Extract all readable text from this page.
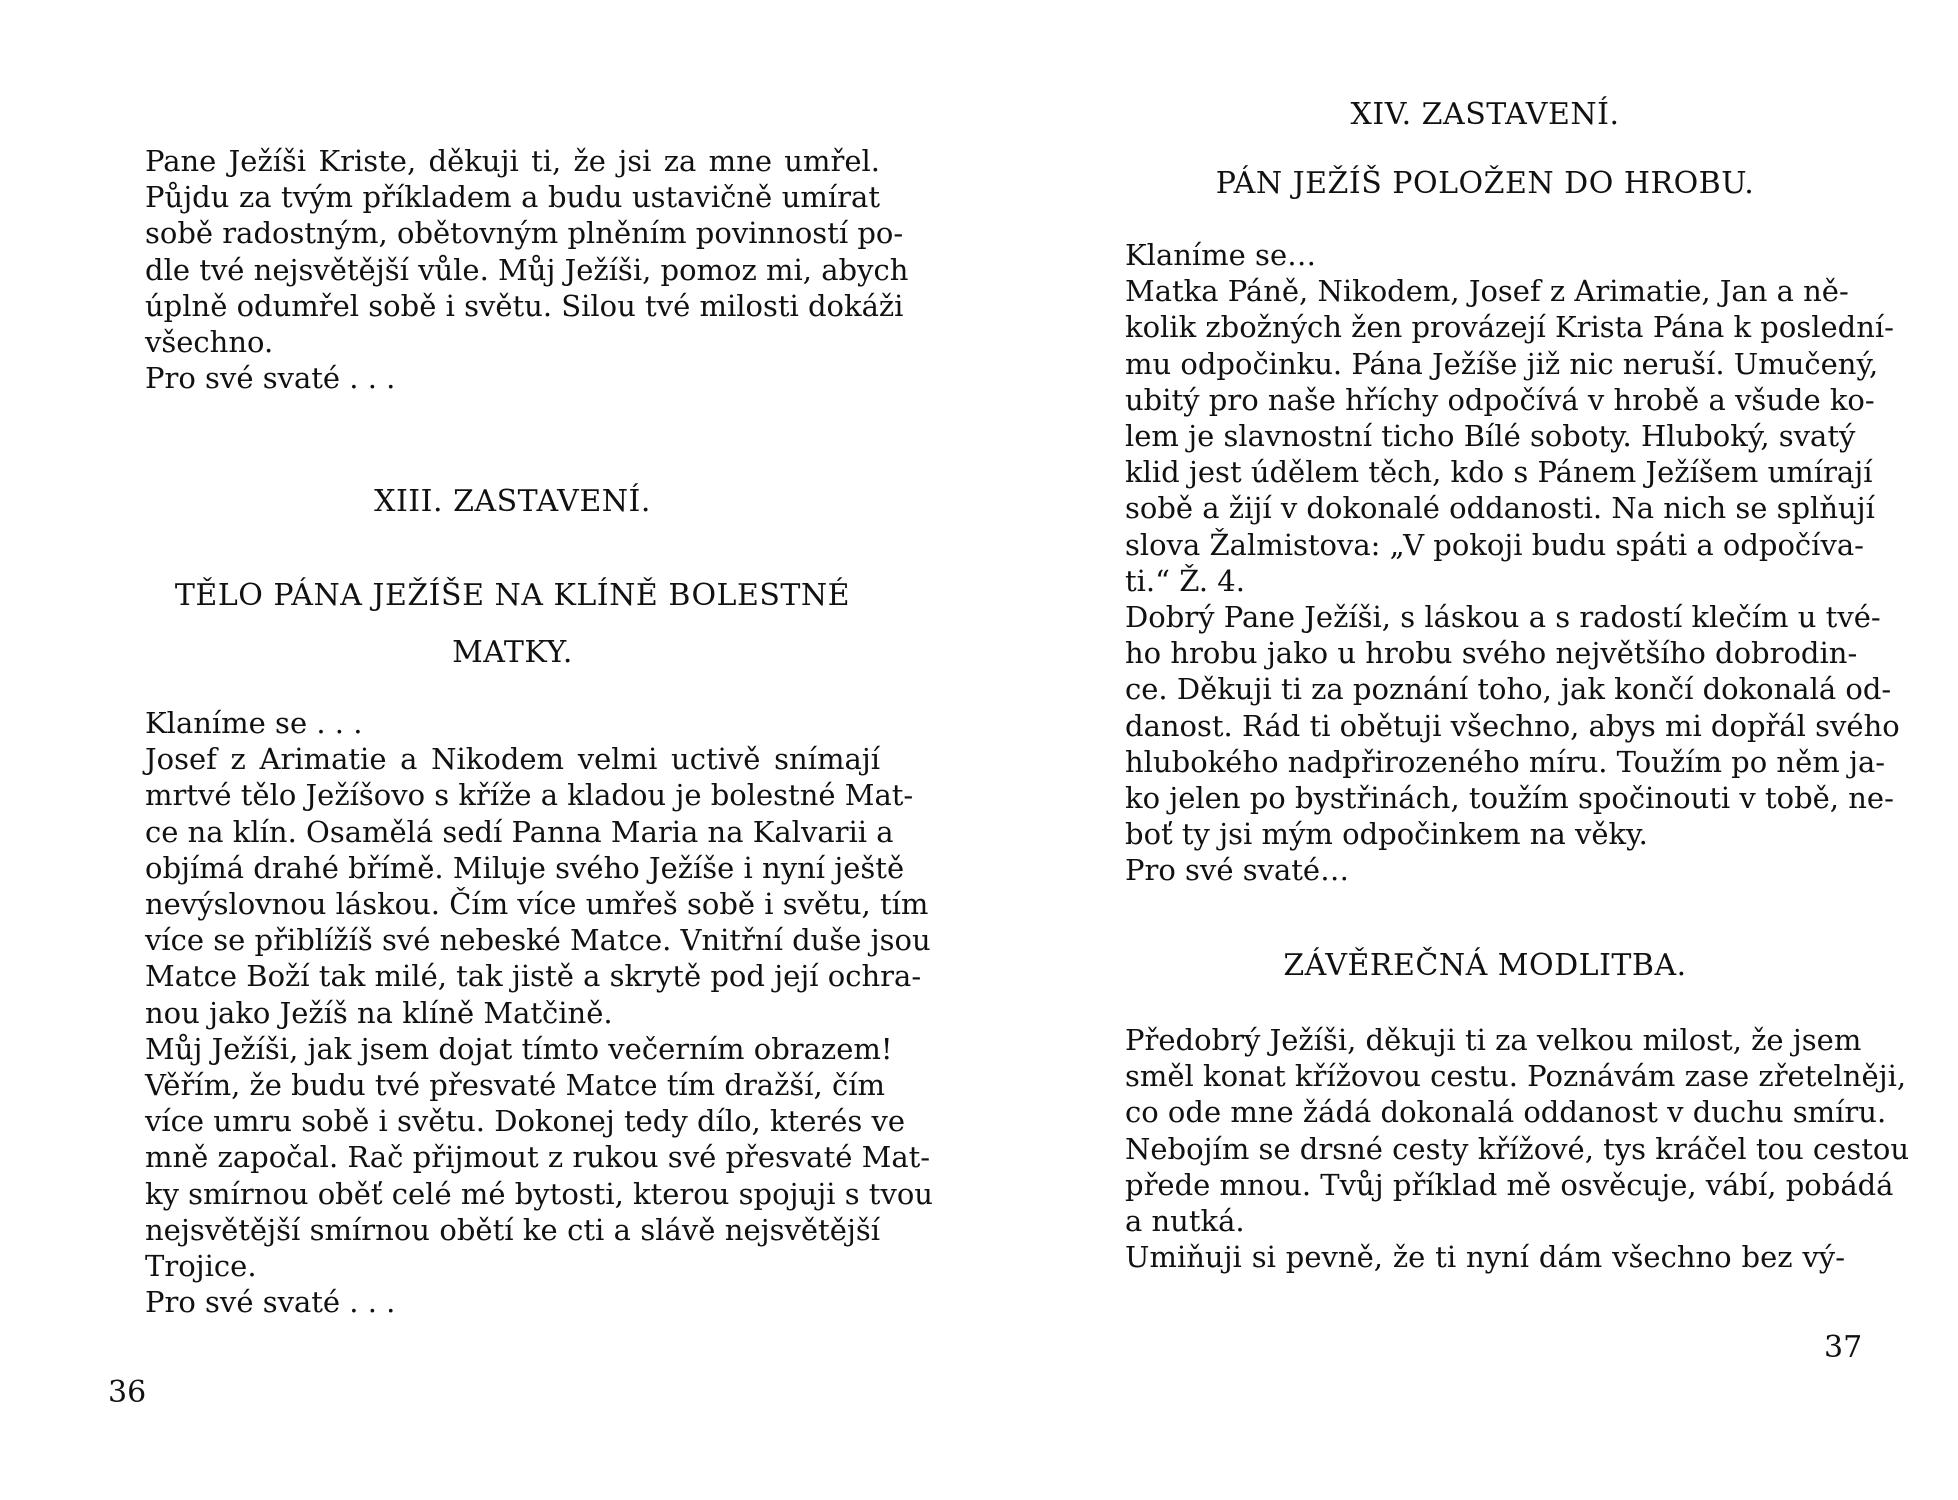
Pane Ježíši Kriste, děkuji ti, že jsi za mne umřel.
Půjdu za tvým příkladem a budu ustavičně umírat
sobě radostným, obětovným plněním povinností po-
dle tvé nejsvětější vůle. Můj Ježíši, pomoz mi, abych
úplně odumřel sobě i světu. Silou tvé milosti dokáži
všechno.
Pro své svaté . . .
XIII. ZASTAVENÍ.
TĚLO PÁNA JEŽÍŠE NA KLÍNĚ BOLESTNÉ
MATKY.
Klaníme se . . .
Josef z Arimatie a Nikodem velmi uctivě snímají
mrtvé tělo Ježíšovo s kříže a kladou je bolestné Mat-
ce na klín. Osamělá sedí Panna Maria na Kalvarii a
objímá drahé břímě. Miluje svého Ježíše i nyní ještě
nevýslovnou láskou. Čím více umřeš sobě i světu, tím
více se přiblížíš své nebeské Matce. Vnitřní duše jsou
Matce Boží tak milé, tak jistě a skrytě pod její ochra-
nou jako Ježíš na klíně Matčině.
Můj Ježíši, jak jsem dojat tímto večerním obrazem!
Věřím, že budu tvé přesvaté Matce tím dražší, čím
více umru sobě i světu. Dokonej tedy dílo, kterés ve
mně započal. Rač přijmout z rukou své přesvaté Mat-
ky smírnou oběť celé mé bytosti, kterou spojuji s tvou
nejsvětější smírnou obětí ke cti a slávě nejsvětější
Trojice.
Pro své svaté . . .
36
XIV. ZASTAVENÍ.
PÁN JEŽÍŠ POLOŽEN DO HROBU.
Klaníme se…
Matka Páně, Nikodem, Josef z Arimatie, Jan a ně-
kolik zbožných žen provázejí Krista Pána k poslední-
mu odpočinku. Pána Ježíše již nic neruší. Umučený,
ubitý pro naše hříchy odpočívá v hrobě a všude ko-
lem je slavnostní ticho Bílé soboty. Hluboký, svatý
klid jest údělem těch, kdo s Pánem Ježíšem umírají
sobě a žijí v dokonalé oddanosti. Na nich se splňují
slova Žalmistova: „V pokoji budu spáti a odpočíva-
ti.“ Ž. 4.
Dobrý Pane Ježíši, s láskou a s radostí klečím u tvé-
ho hrobu jako u hrobu svého největšího dobrodin-
ce. Děkuji ti za poznání toho, jak končí dokonalá od-
danost. Rád ti obětuji všechno, abys mi dopřál svého
hlubokého nadpřirozeného míru. Toužím po něm ja-
ko jelen po bystřinách, toužím spočinouti v tobě, ne-
boť ty jsi mým odpočinkem na věky.
Pro své svaté…
ZÁVĚREČNÁ MODLITBA.
Předobrý Ježíši, děkuji ti za velkou milost, že jsem
směl konat křížovou cestu. Poznávám zase zřetelněji,
co ode mne žádá dokonalá oddanost v duchu smíru.
Nebojím se drsné cesty křížové, tys kráčel tou cestou
přede mnou. Tvůj příklad mě osvěcuje, vábí, pobádá
a nutká.
Umiňuji si pevně, že ti nyní dám všechno bez vý-
37
